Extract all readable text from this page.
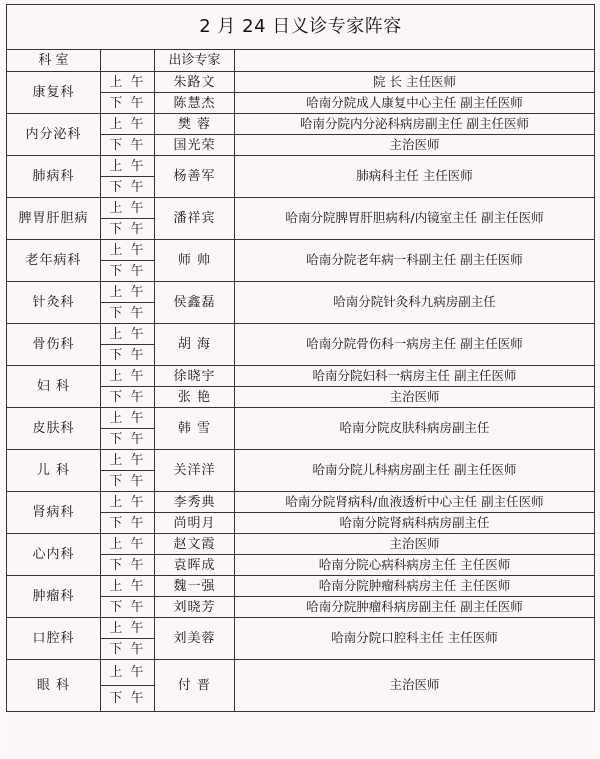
2 月 24 日义诊专家阵容			
科 室		出诊专家	
康复科	上 午	朱路文	院 长 主任医师
	下 午	陈慧杰	哈南分院成人康复中心主任 副主任医师
内分泌科	上 午	樊 蓉	哈南分院内分泌科病房副主任 副主任医师
	下 午	国光荣	主治医师
肺病科	上 午	杨善军	肺病科主任 主任医师
	下 午		
脾胃肝胆病	上 午	潘祥宾	哈南分院脾胃肝胆病科/内镜室主任 副主任医师
	下 午		
老年病科	上 午	师 帅	哈南分院老年病一科副主任 副主任医师
	下 午		
针灸科	上 午	侯鑫磊	哈南分院针灸科九病房副主任
	下 午		
骨伤科	上 午	胡 海	哈南分院骨伤科一病房主任 副主任医师
	下 午		
妇 科	上 午	徐晓宇	哈南分院妇科一病房主任 副主任医师
	下 午	张 艳	主治医师
皮肤科	上 午	韩 雪	哈南分院皮肤科病房副主任
	下 午		
儿 科	上 午	关洋洋	哈南分院儿科病房副主任 副主任医师
	下 午		
肾病科	上 午	李秀典	哈南分院肾病科/血液透析中心主任 副主任医师
	下 午	尚明月	哈南分院肾病科病房副主任
心内科	上 午	赵文霞	主治医师
	下 午	袁晖成	哈南分院心病科病房主任 主任医师
肿瘤科	上 午	魏一强	哈南分院肿瘤科病房主任 主任医师
	下 午	刘晓芳	哈南分院肿瘤科病房副主任 副主任医师
口腔科	上 午	刘美蓉	哈南分院口腔科主任 主任医师
	下 午		
眼 科	上 午	付 晋	主治医师
	下 午		
